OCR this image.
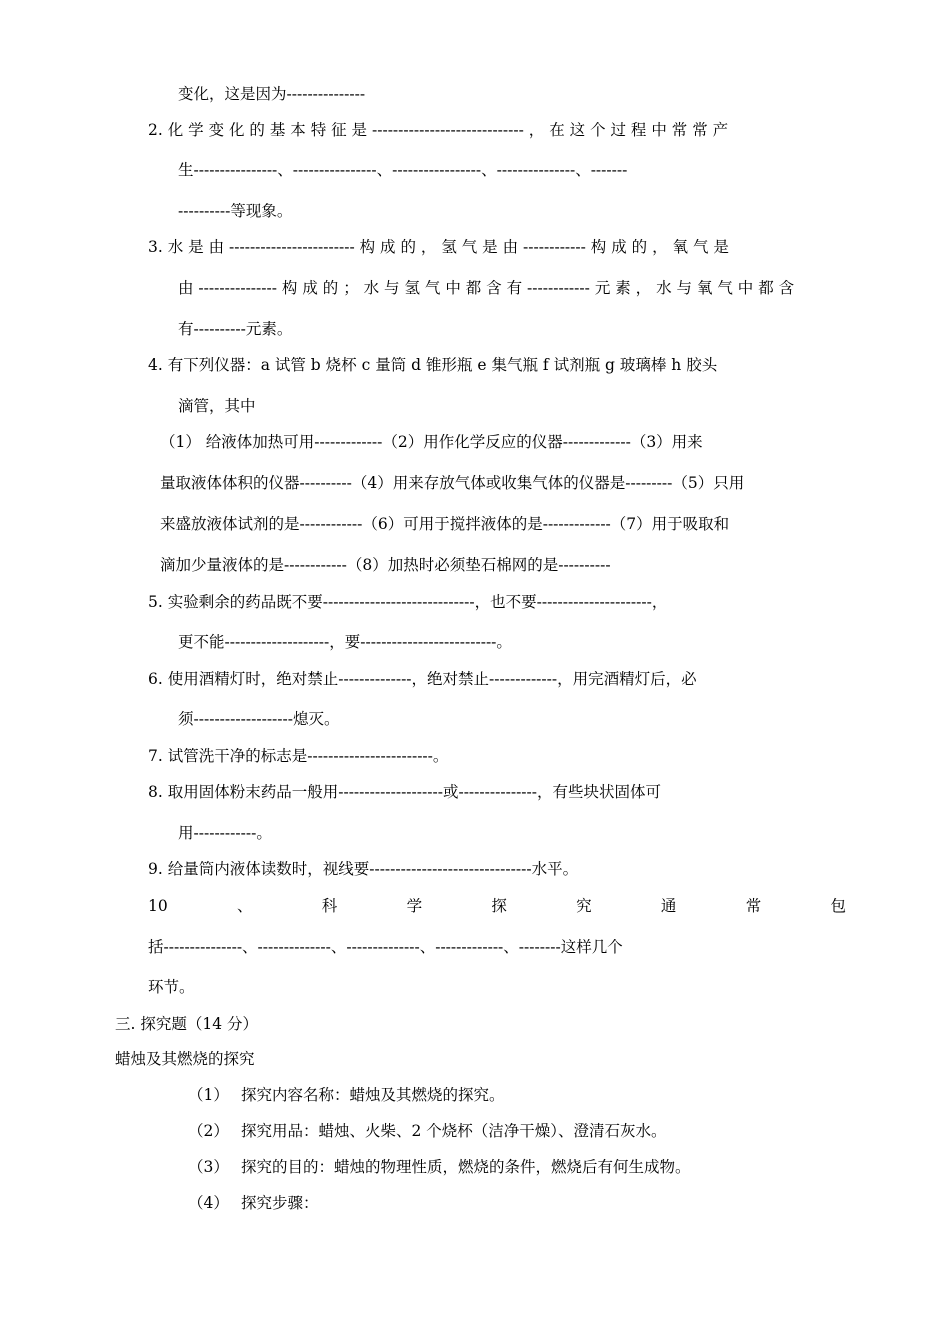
变化，这是因为---------------
2. 化 学 变 化 的 基 本 特 征 是 ----------------------------- ， 在 这 个 过 程 中 常 常 产
生----------------、----------------、-----------------、---------------、-------
----------等现象。
3. 水 是 由 ------------------------ 构 成 的 ， 氢 气 是 由 ------------ 构 成 的 ， 氧 气 是
由 --------------- 构 成 的 ； 水 与 氢 气 中 都 含 有 ------------ 元 素 ， 水 与 氧 气 中 都 含
有----------元素。
4. 有下列仪器：a 试管 b 烧杯 c 量筒 d 锥形瓶 e 集气瓶 f 试剂瓶 g 玻璃棒 h 胶头
滴管，其中
（1） 给液体加热可用-------------（2）用作化学反应的仪器-------------（3）用来
量取液体体积的仪器----------（4）用来存放气体或收集气体的仪器是---------（5）只用
来盛放液体试剂的是------------（6）可用于搅拌液体的是-------------（7）用于吸取和
滴加少量液体的是------------（8）加热时必须垫石棉网的是----------
5. 实验剩余的药品既不要-----------------------------，也不要----------------------，
更不能--------------------，要--------------------------。
6. 使用酒精灯时，绝对禁止--------------，绝对禁止-------------，用完酒精灯后，必
须-------------------熄灭。
7. 试管洗干净的标志是------------------------。
8. 取用固体粉末药品一般用--------------------或---------------，有些块状固体可
用------------。
9. 给量筒内液体读数时，视线要-------------------------------水平。
10	、	科	学	探	究	通	常	包
括---------------、--------------、--------------、-------------、--------这样几个
环节。
三. 探究题（14 分）
蜡烛及其燃烧的探究
（1） 探究内容名称：蜡烛及其燃烧的探究。
（2） 探究用品：蜡烛、火柴、2 个烧杯（洁净干燥）、澄清石灰水。
（3） 探究的目的：蜡烛的物理性质，燃烧的条件，燃烧后有何生成物。
（4） 探究步骤：
